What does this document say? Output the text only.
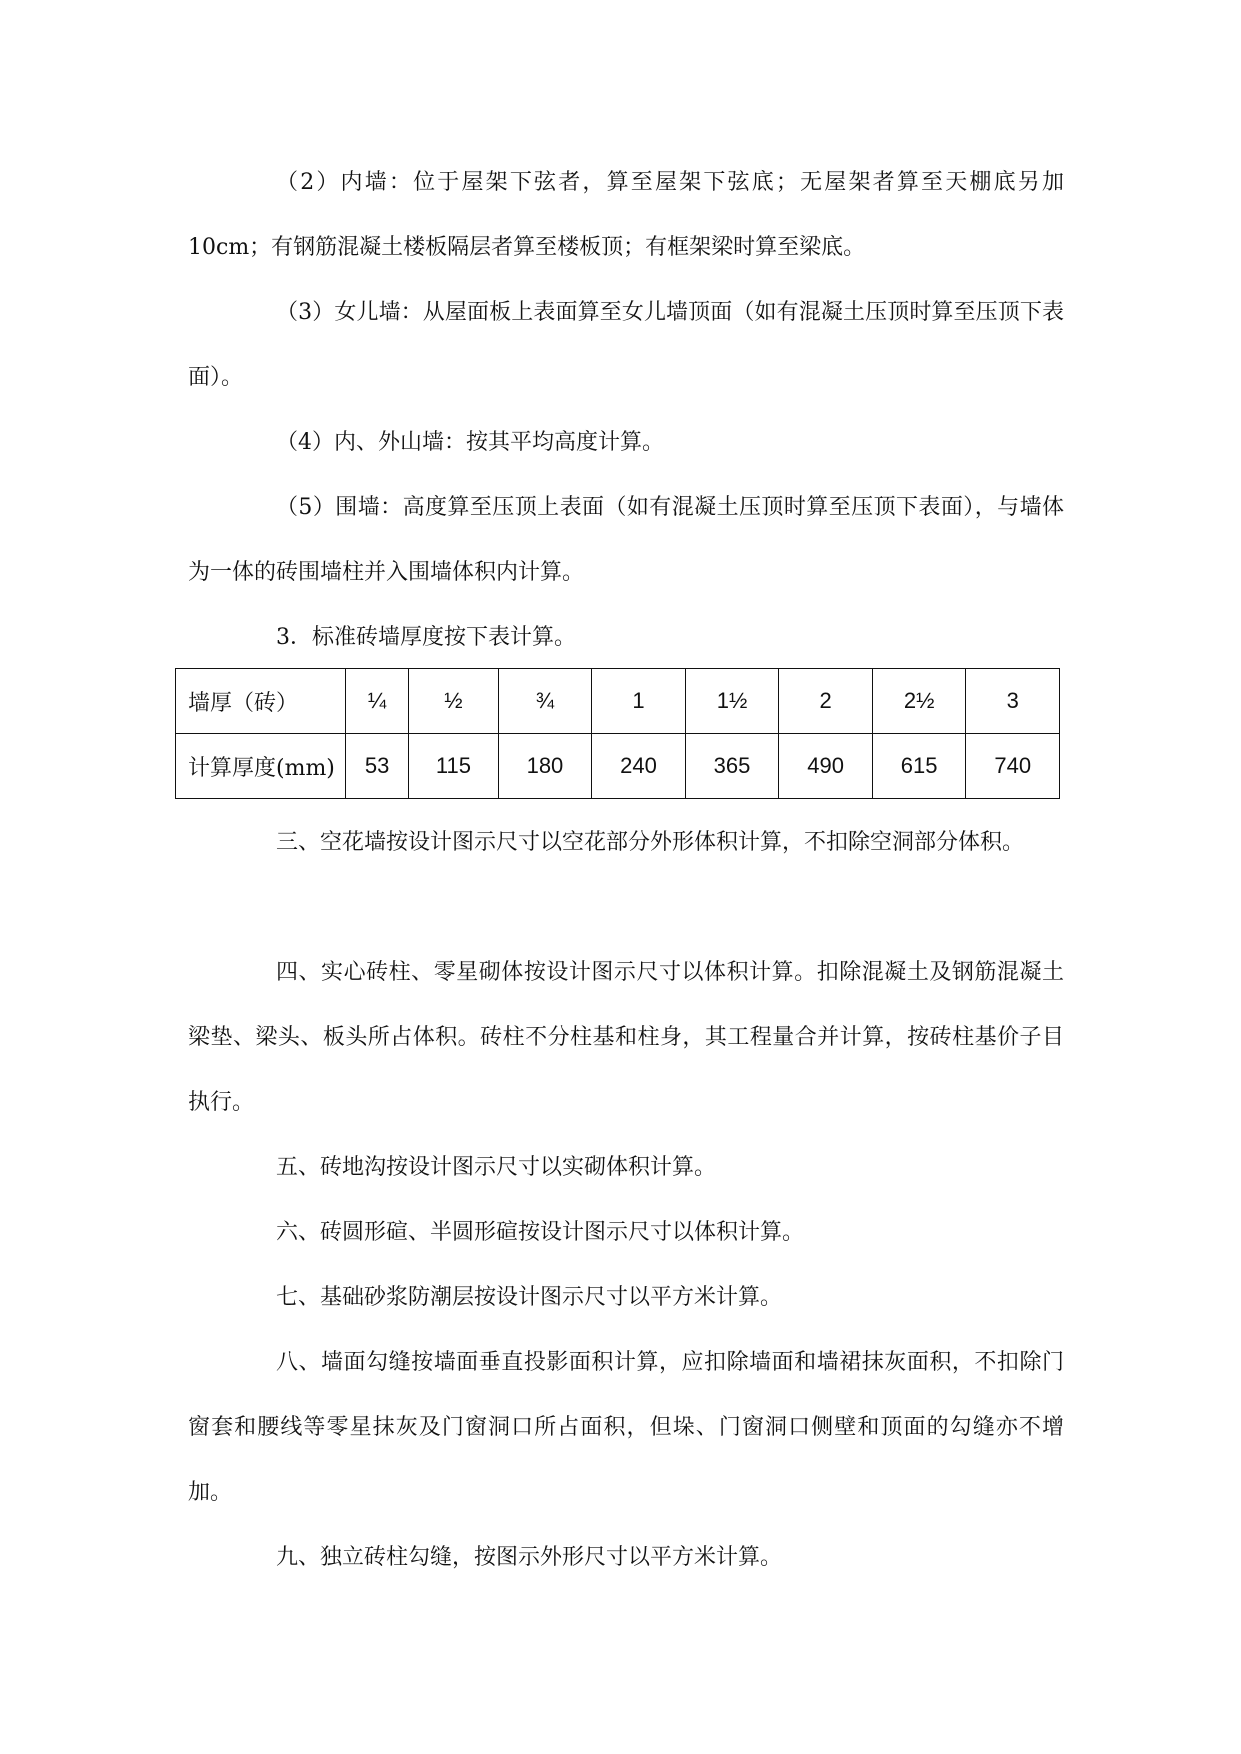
（2）内墙：位于屋架下弦者，算至屋架下弦底；无屋架者算至天棚底另加 10cm；有钢筋混凝土楼板隔层者算至楼板顶；有框架梁时算至梁底。

（3）女儿墙：从屋面板上表面算至女儿墙顶面（如有混凝土压顶时算至压顶下表面）。

（4）内、外山墙：按其平均高度计算。

（5）围墙：高度算至压顶上表面（如有混凝土压顶时算至压顶下表面），与墙体为一体的砖围墙柱并入围墙体积内计算。

3．标准砖墙厚度按下表计算。

墙厚（砖）	¼	½	¾	1	1½	2	2½	3
计算厚度(mm)	53	115	180	240	365	490	615	740

三、空花墙按设计图示尺寸以空花部分外形体积计算，不扣除空洞部分体积。

四、实心砖柱、零星砌体按设计图示尺寸以体积计算。扣除混凝土及钢筋混凝土梁垫、梁头、板头所占体积。砖柱不分柱基和柱身，其工程量合并计算，按砖柱基价子目执行。

五、砖地沟按设计图示尺寸以实砌体积计算。

六、砖圆形碹、半圆形碹按设计图示尺寸以体积计算。

七、基础砂浆防潮层按设计图示尺寸以平方米计算。

八、墙面勾缝按墙面垂直投影面积计算，应扣除墙面和墙裙抹灰面积，不扣除门窗套和腰线等零星抹灰及门窗洞口所占面积，但垛、门窗洞口侧壁和顶面的勾缝亦不增加。

九、独立砖柱勾缝，按图示外形尺寸以平方米计算。
